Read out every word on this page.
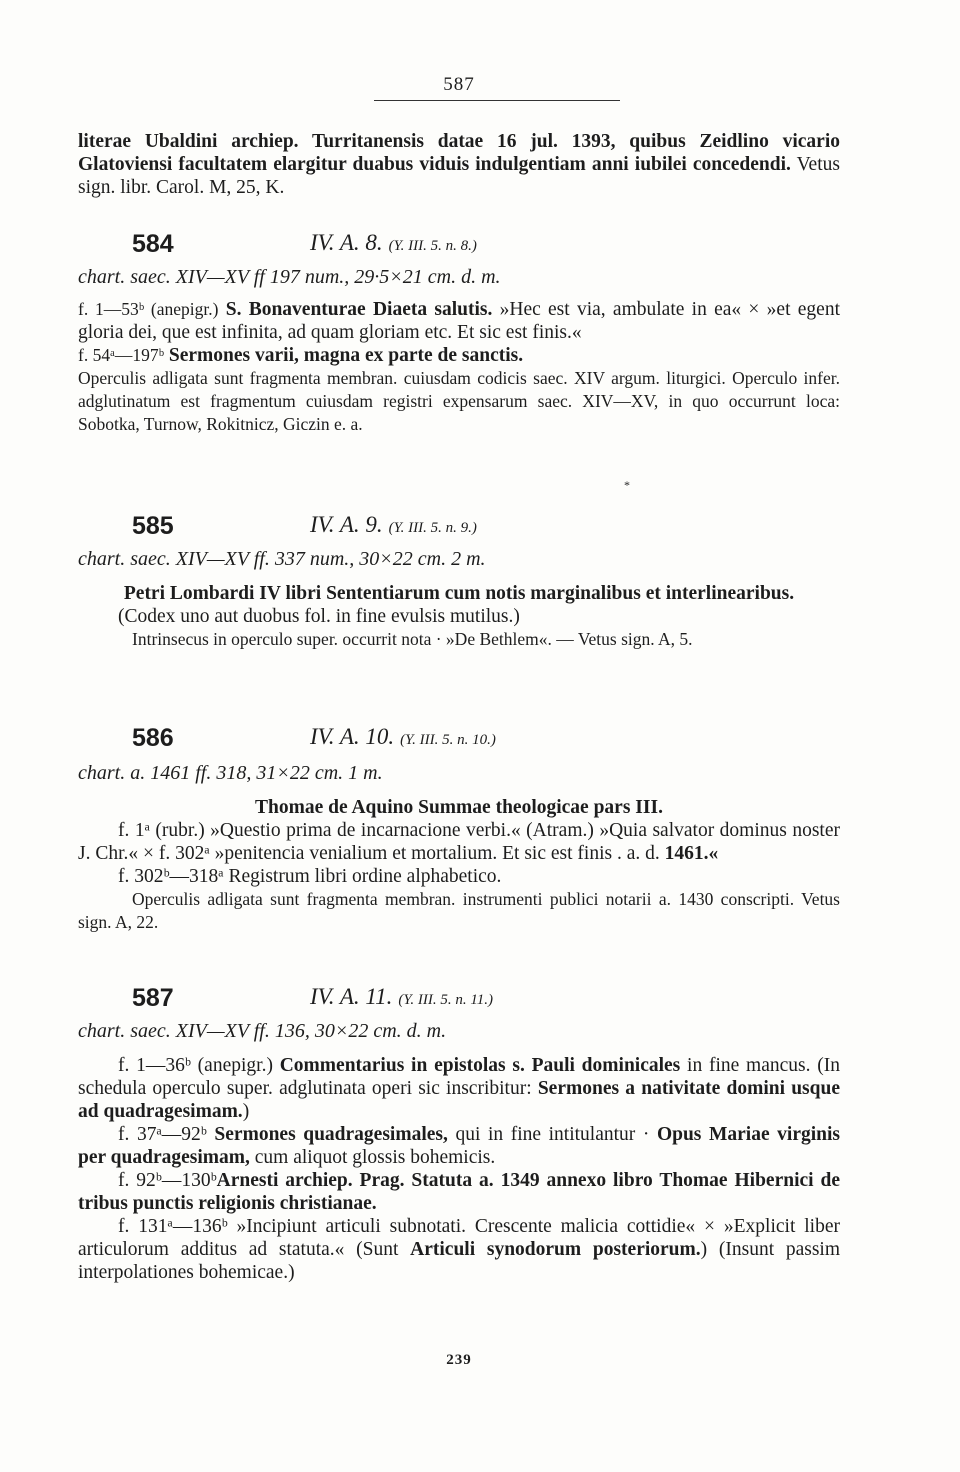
587

literae Ubaldini archiep. Turritanensis datae 16 jul. 1393, quibus Zeidlino vicario Glatoviensi facultatem elargitur duabus viduis indulgentiam anni iubilei concedendi. Vetus sign. libr. Carol. M, 25, K.

584	IV. A. 8. (Y. III. 5. n. 8.)
chart. saec. XIV—XV ff 197 num., 29·5×21 cm. d. m.

f. 1—53ᵇ (anepigr.) S. Bonaventurae Diaeta salutis. »Hec est via, ambulate in ea« × »et egent gloria dei, que est infinita, ad quam gloriam etc. Et sic est finis.«

f. 54ᵃ—197ᵇ Sermones varii, magna ex parte de sanctis.

Operculis adligata sunt fragmenta membran. cuiusdam codicis saec. XIV argum. liturgici. Operculo infer. adglutinatum est fragmentum cuiusdam registri expensarum saec. XIV—XV, in quo occurrunt loca: Sobotka, Turnow, Rokitnicz, Giczin e. a.

*
585	IV. A. 9. (Y. III. 5. n. 9.)
chart. saec. XIV—XV ff. 337 num., 30×22 cm. 2 m.

Petri Lombardi IV libri Sententiarum cum notis marginalibus et interlinearibus.

(Codex uno aut duobus fol. in fine evulsis mutilus.)

Intrinsecus in operculo super. occurrit nota · »De Bethlem«. — Vetus sign. A, 5.

586	IV. A. 10. (Y. III. 5. n. 10.)
chart. a. 1461 ff. 318, 31×22 cm. 1 m.

Thomae de Aquino Summae theologicae pars III.

f. 1ᵃ (rubr.) »Questio prima de incarnacione verbi.« (Atram.) »Quia salvator dominus noster J. Chr.« × f. 302ᵃ »penitencia venialium et mortalium. Et sic est finis . a. d. 1461.«

f. 302ᵇ—318ᵃ Registrum libri ordine alphabetico.

Operculis adligata sunt fragmenta membran. instrumenti publici notarii a. 1430 conscripti. Vetus sign. A, 22.

587	IV. A. 11. (Y. III. 5. n. 11.)
chart. saec. XIV—XV ff. 136, 30×22 cm. d. m.

f. 1—36ᵇ (anepigr.) Commentarius in epistolas s. Pauli dominicales in fine mancus. (In schedula operculo super. adglutinata operi sic inscribitur: Sermones a nativitate domini usque ad quadragesimam.)

f. 37ᵃ—92ᵇ Sermones quadragesimales, qui in fine intitulantur · Opus Mariae virginis per quadragesimam, cum aliquot glossis bohemicis.

f. 92ᵇ—130ᵇArnesti archiep. Prag. Statuta a. 1349 annexo libro Thomae Hibernici de tribus punctis religionis christianae.

f. 131ᵃ—136ᵇ »Incipiunt articuli subnotati. Crescente malicia cottidie« × »Explicit liber articulorum additus ad statuta.« (Sunt Articuli synodorum posteriorum.) (Insunt passim interpolationes bohemicae.)

239
